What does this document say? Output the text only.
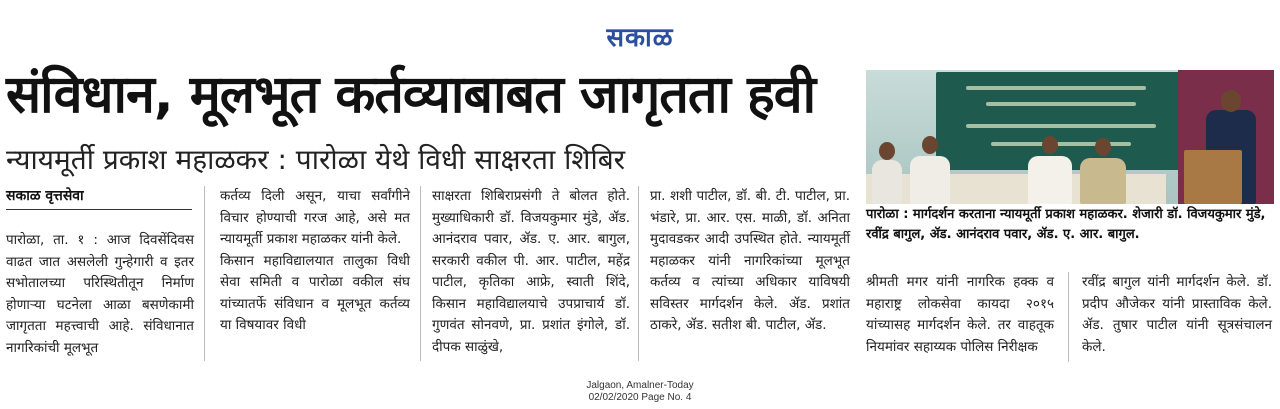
सकाळ
संविधान, मूलभूत कर्तव्याबाबत जागृतता हवी
न्यायमूर्ती प्रकाश महाळकर : पारोळा येथे विधी साक्षरता शिबिर
सकाळ वृत्तसेवा
पारोळा, ता. १ : आज दिवसेंदिवस वाढत जात असलेली गुन्हेगारी व इतर सभोतालच्या परिस्थितीतून निर्माण होणाऱ्या घटनेला आळा बसणेकामी जागृतता महत्त्वाची आहे. संविधानात नागरिकांची मूलभूत
कर्तव्य दिली असून, याचा सर्वांगीने विचार होण्याची गरज आहे, असे मत न्यायमूर्ती प्रकाश महाळकर यांनी केले.
किसान महाविद्यालयात तालुका विधी सेवा समिती व पारोळा वकील संघ यांच्यातर्फे संविधान व मूलभूत कर्तव्य या विषयावर विधी
साक्षरता शिबिराप्रसंगी ते बोलत होते. मुख्याधिकारी डॉ. विजयकुमार मुंडे, ॲड. आनंदराव पवार, ॲड. ए. आर. बागुल, सरकारी वकील पी. आर. पाटील, महेंद्र पाटील, कृतिका आफ्रे, स्वाती शिंदे, किसान महाविद्यालयाचे उपप्राचार्य डॉ. गुणवंत सोनवणे, प्रा. प्रशांत इंगोले, डॉ. दीपक साळुंखे,
प्रा. शशी पाटील, डॉ. बी. टी. पाटील, प्रा. भंडारे, प्रा. आर. एस. माळी, डॉ. अनिता मुदावडकर आदी उपस्थित होते. न्यायमूर्ती महाळकर यांनी नागरिकांच्या मूलभूत कर्तव्य व त्यांच्या अधिकार याविषयी सविस्तर मार्गदर्शन केले. ॲड. प्रशांत ठाकरे, ॲड. सतीश बी. पाटील, ॲड.
पारोळा : मार्गदर्शन करताना न्यायमूर्ती प्रकाश महाळकर. शेजारी डॉ. विजयकुमार मुंडे, रवींद्र बागुल, ॲड. आनंदराव पवार, ॲड. ए. आर. बागुल.
श्रीमती मगर यांनी नागरिक हक्क व महाराष्ट्र लोकसेवा कायदा २०१५ यांच्यासह मार्गदर्शन केले. तर वाहतूक नियमांवर सहाय्यक पोलिस निरीक्षक
रवींद्र बागुल यांनी मार्गदर्शन केले. डॉ. प्रदीप औजेकर यांनी प्रास्ताविक केले. ॲड. तुषार पाटील यांनी सूत्रसंचालन केले.
Jalgaon, Amalner-Today
02/02/2020 Page No. 4
